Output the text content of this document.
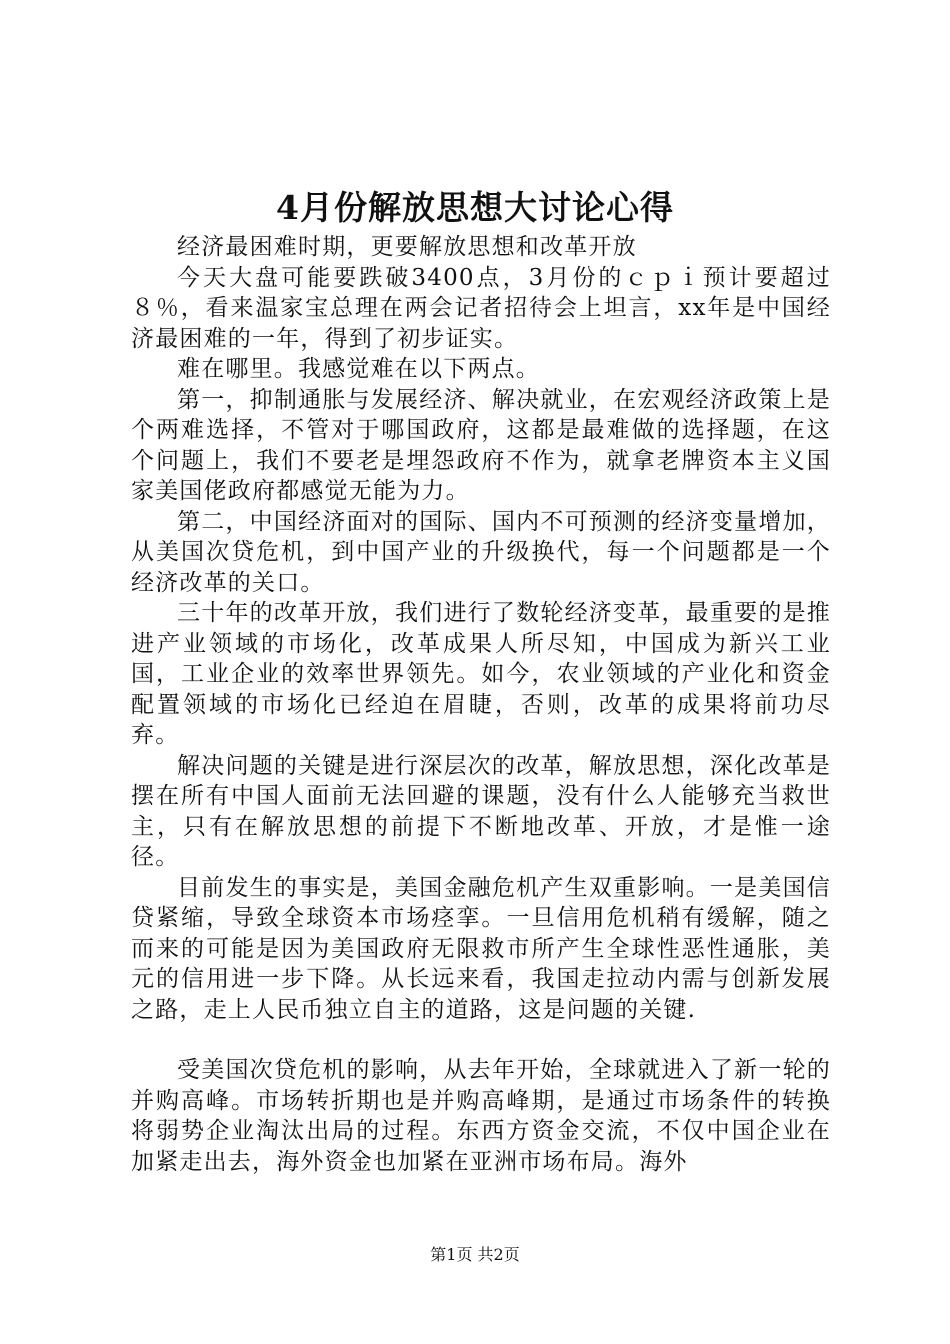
4月份解放思想大讨论心得

经济最困难时期，更要解放思想和改革开放

今天大盘可能要跌破3400点，3月份的ｃｐｉ预计要超过８％，看来温家宝总理在两会记者招待会上坦言，xx年是中国经济最困难的一年，得到了初步证实。

难在哪里。我感觉难在以下两点。

第一，抑制通胀与发展经济、解决就业，在宏观经济政策上是个两难选择，不管对于哪国政府，这都是最难做的选择题，在这个问题上，我们不要老是埋怨政府不作为，就拿老牌资本主义国家美国佬政府都感觉无能为力。

第二，中国经济面对的国际、国内不可预测的经济变量增加，从美国次贷危机，到中国产业的升级换代，每一个问题都是一个经济改革的关口。

三十年的改革开放，我们进行了数轮经济变革，最重要的是推进产业领域的市场化，改革成果人所尽知，中国成为新兴工业国，工业企业的效率世界领先。如今，农业领域的产业化和资金配置领域的市场化已经迫在眉睫，否则，改革的成果将前功尽弃。

解决问题的关键是进行深层次的改革，解放思想，深化改革是摆在所有中国人面前无法回避的课题，没有什么人能够充当救世主，只有在解放思想的前提下不断地改革、开放，才是惟一途径。

目前发生的事实是，美国金融危机产生双重影响。一是美国信贷紧缩，导致全球资本市场痉挛。一旦信用危机稍有缓解，随之而来的可能是因为美国政府无限救市所产生全球性恶性通胀，美元的信用进一步下降。从长远来看，我国走拉动内需与创新发展之路，走上人民币独立自主的道路，这是问题的关键.

受美国次贷危机的影响，从去年开始，全球就进入了新一轮的并购高峰。市场转折期也是并购高峰期，是通过市场条件的转换将弱势企业淘汰出局的过程。东西方资金交流，不仅中国企业在加紧走出去，海外资金也加紧在亚洲市场布局。海外

第1页 共2页
